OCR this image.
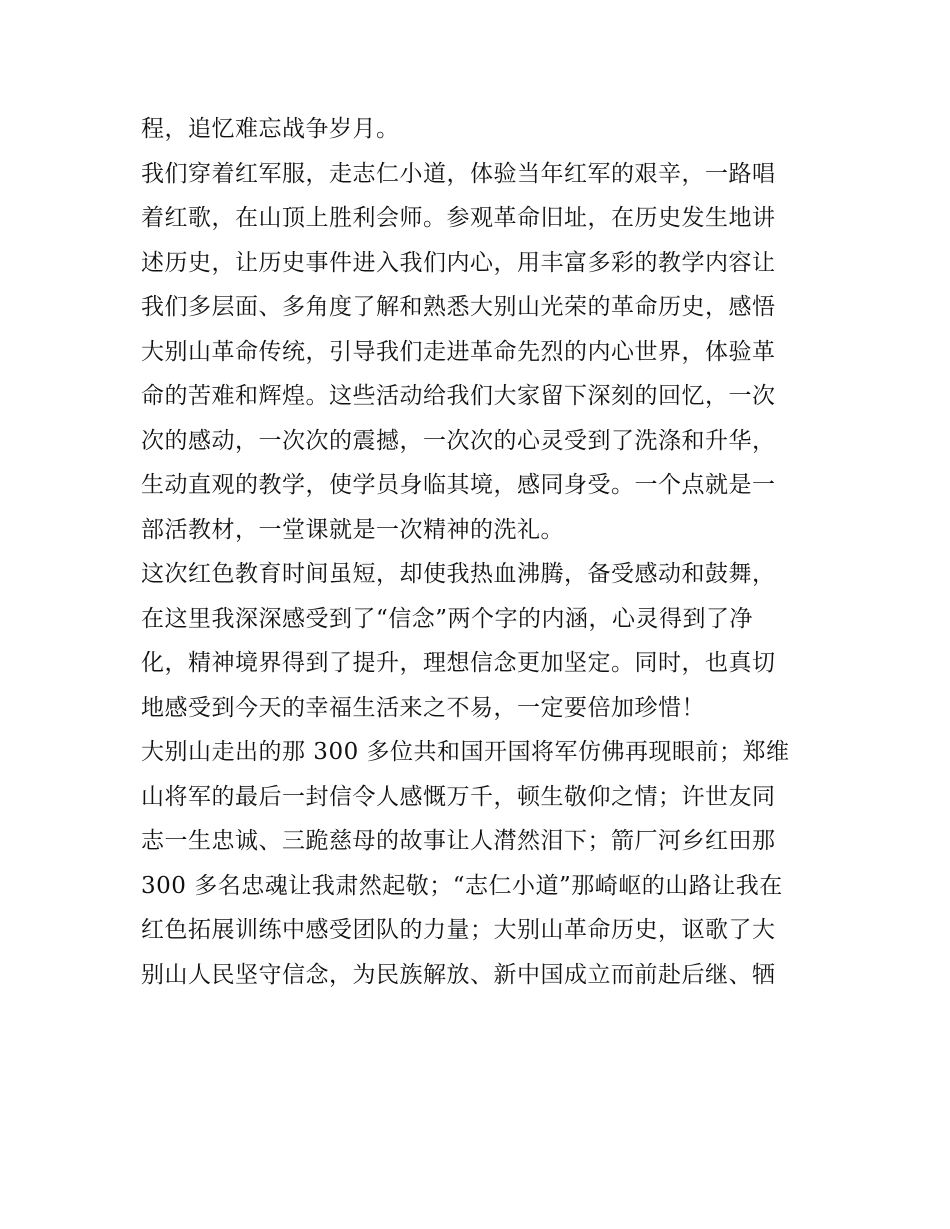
程，追忆难忘战争岁月。
我们穿着红军服，走志仁小道，体验当年红军的艰辛，一路唱
着红歌，在山顶上胜利会师。参观革命旧址，在历史发生地讲
述历史，让历史事件进入我们内心，用丰富多彩的教学内容让
我们多层面、多角度了解和熟悉大别山光荣的革命历史，感悟
大别山革命传统，引导我们走进革命先烈的内心世界，体验革
命的苦难和辉煌。这些活动给我们大家留下深刻的回忆，一次
次的感动，一次次的震撼，一次次的心灵受到了洗涤和升华，
生动直观的教学，使学员身临其境，感同身受。一个点就是一
部活教材，一堂课就是一次精神的洗礼。
这次红色教育时间虽短，却使我热血沸腾，备受感动和鼓舞，
在这里我深深感受到了“信念”两个字的内涵，心灵得到了净
化，精神境界得到了提升，理想信念更加坚定。同时，也真切
地感受到今天的幸福生活来之不易，一定要倍加珍惜！
大别山走出的那 300 多位共和国开国将军仿佛再现眼前；郑维
山将军的最后一封信令人感慨万千，顿生敬仰之情；许世友同
志一生忠诚、三跪慈母的故事让人潸然泪下；箭厂河乡红田那
300 多名忠魂让我肃然起敬；“志仁小道”那崎岖的山路让我在
红色拓展训练中感受团队的力量；大别山革命历史，讴歌了大
别山人民坚守信念，为民族解放、新中国成立而前赴后继、牺
